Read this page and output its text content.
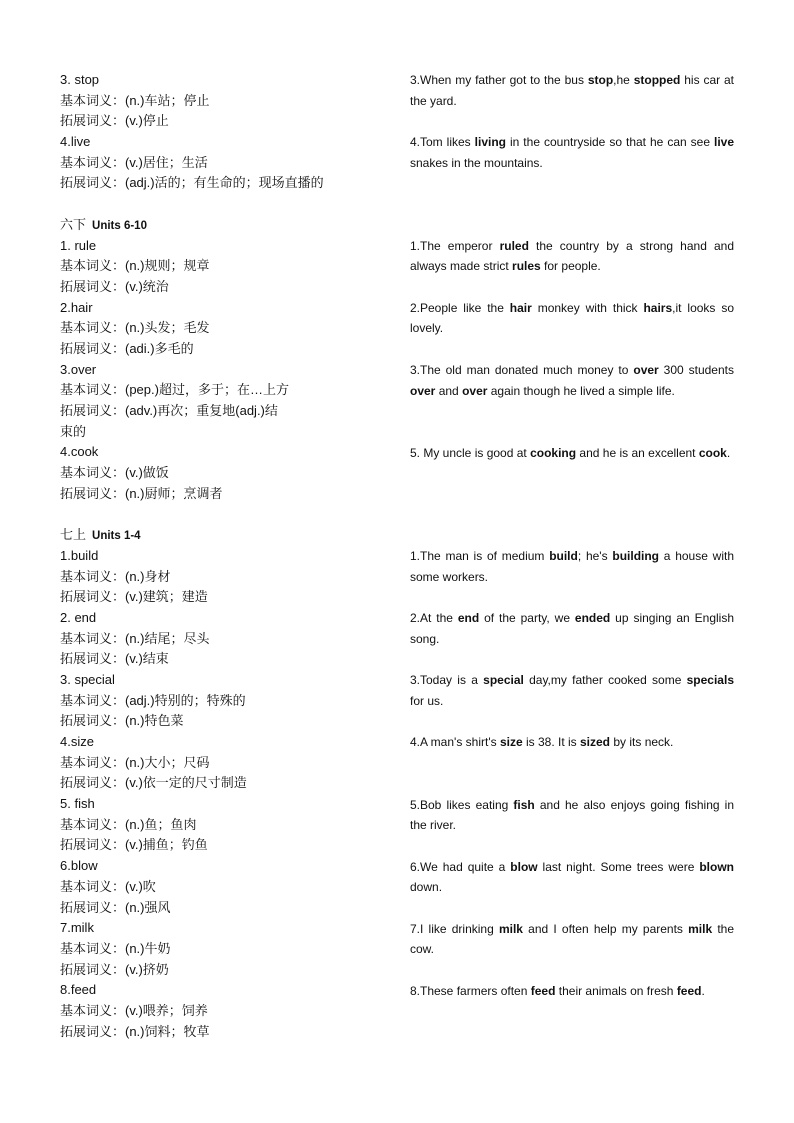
3. stop
基本词义：(n.)车站；停止
拓展词义：(v.)停止
4.live
基本词义：(v.)居住；生活
拓展词义：(adj.)活的；有生命的；现场直播的
六下 Units 6-10
1. rule
基本词义：(n.)规则；规章
拓展词义：(v.)统治
2.hair
基本词义：(n.)头发；毛发
拓展词义：(adi.)多毛的
3.over
基本词义：(pep.)超过，多于；在…上方
拓展词义：(adv.)再次；重复地(adj.)结
束的
4.cook
基本词义：(v.)做饭
拓展词义：(n.)厨师；烹调者
七上 Units 1-4
1.build
基本词义：(n.)身材
拓展词义：(v.)建筑；建造
2. end
基本词义：(n.)结尾；尽头
拓展词义：(v.)结束
3. special
基本词义：(adj.)特别的；特殊的
拓展词义：(n.)特色菜
4.size
基本词义：(n.)大小；尺码
拓展词义：(v.)依一定的尺寸制造
5. fish
基本词义：(n.)鱼；鱼肉
拓展词义：(v.)捕鱼；钓鱼
6.blow
基本词义：(v.)吹
拓展词义：(n.)强风
7.milk
基本词义：(n.)牛奶
拓展词义：(v.)挤奶
8.feed
基本词义：(v.)喂养；饲养
拓展词义：(n.)饲料；牧草
3.When my father got to the bus stop,he stopped his car at the yard.
4.Tom likes living in the countryside so that he can see live snakes in the mountains.
1.The emperor ruled the country by a strong hand and always made strict rules for people.
2.People like the hair monkey with thick hairs,it looks so lovely.
3.The old man donated much money to over 300 students over and over again though he lived a simple life.
5. My uncle is good at cooking and he is an excellent cook.
1.The man is of medium build; he's building a house with some workers.
2.At the end of the party, we ended up singing an English song.
3.Today is a special day,my father cooked some specials for us.
4.A man's shirt's size is 38. It is sized by its neck.
5.Bob likes eating fish and he also enjoys going fishing in the river.
6.We had quite a blow last night. Some trees were blown down.
7.I like drinking milk and I often help my parents milk the cow.
8.These farmers often feed their animals on fresh feed.
